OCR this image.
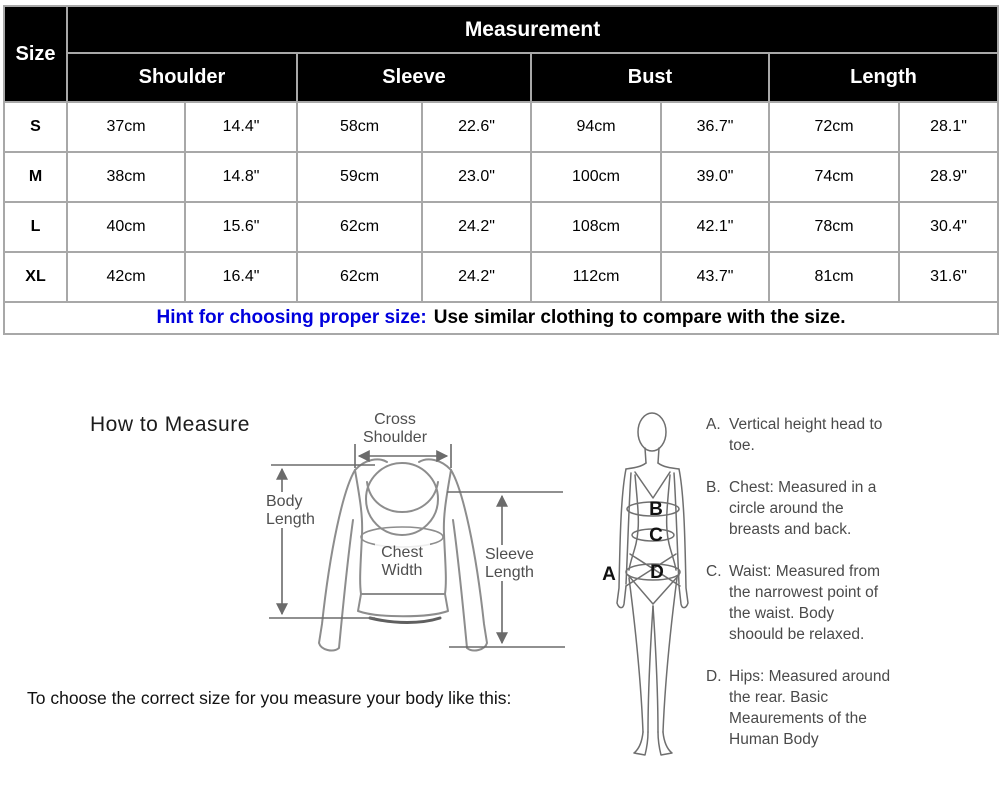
Size	Measurement							
	Shoulder		Sleeve		Bust		Length	
S	37cm	14.4"	58cm	22.6"	94cm	36.7"	72cm	28.1"
M	38cm	14.8"	59cm	23.0"	100cm	39.0"	74cm	28.9"
L	40cm	15.6"	62cm	24.2"	108cm	42.1"	78cm	30.4"
XL	42cm	16.4"	62cm	24.2"	112cm	43.7"	81cm	31.6"
Hint for choosing proper size: Use similar clothing to compare with the size.								
How to Measure	Cross
Shoulder
Body
Length
Chest
Width
Sleeve
Length	A
B
C
D
A. Vertical height head to toe.
B. Chest: Measured in a circle around the breasts and back.
C. Waist: Measured from the narrowest point of the waist. Body shoould be relaxed.
D. Hips: Measured around the rear. Basic Meaurements of the Human Body
To choose the correct size for you measure your body like this:
